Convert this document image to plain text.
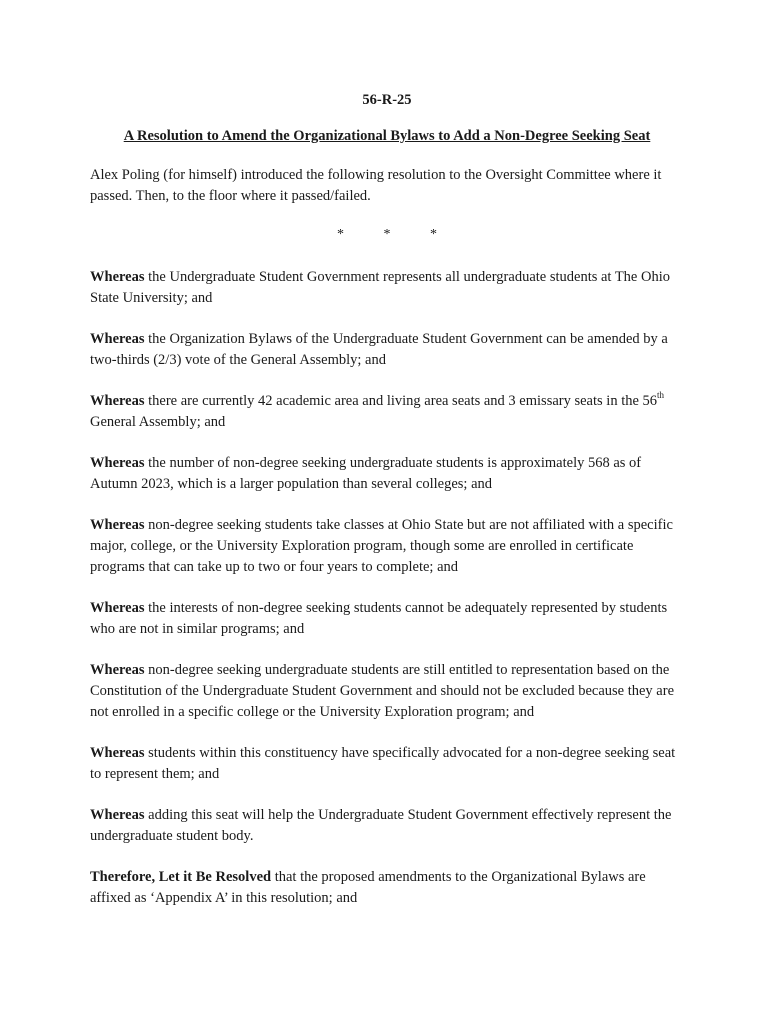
56-R-25
A Resolution to Amend the Organizational Bylaws to Add a Non-Degree Seeking Seat
Alex Poling (for himself) introduced the following resolution to the Oversight Committee where it passed. Then, to the floor where it passed/failed.
*	*	*

Whereas the Undergraduate Student Government represents all undergraduate students at The Ohio State University; and

Whereas the Organization Bylaws of the Undergraduate Student Government can be amended by a two-thirds (2/3) vote of the General Assembly; and

Whereas there are currently 42 academic area and living area seats and 3 emissary seats in the 56th General Assembly; and

Whereas the number of non-degree seeking undergraduate students is approximately 568 as of Autumn 2023, which is a larger population than several colleges; and

Whereas non-degree seeking students take classes at Ohio State but are not affiliated with a specific major, college, or the University Exploration program, though some are enrolled in certificate programs that can take up to two or four years to complete; and

Whereas the interests of non-degree seeking students cannot be adequately represented by students who are not in similar programs; and

Whereas non-degree seeking undergraduate students are still entitled to representation based on the Constitution of the Undergraduate Student Government and should not be excluded because they are not enrolled in a specific college or the University Exploration program; and

Whereas students within this constituency have specifically advocated for a non-degree seeking seat to represent them; and

Whereas adding this seat will help the Undergraduate Student Government effectively represent the undergraduate student body.

Therefore, Let it Be Resolved that the proposed amendments to the Organizational Bylaws are affixed as ‘Appendix A’ in this resolution; and
